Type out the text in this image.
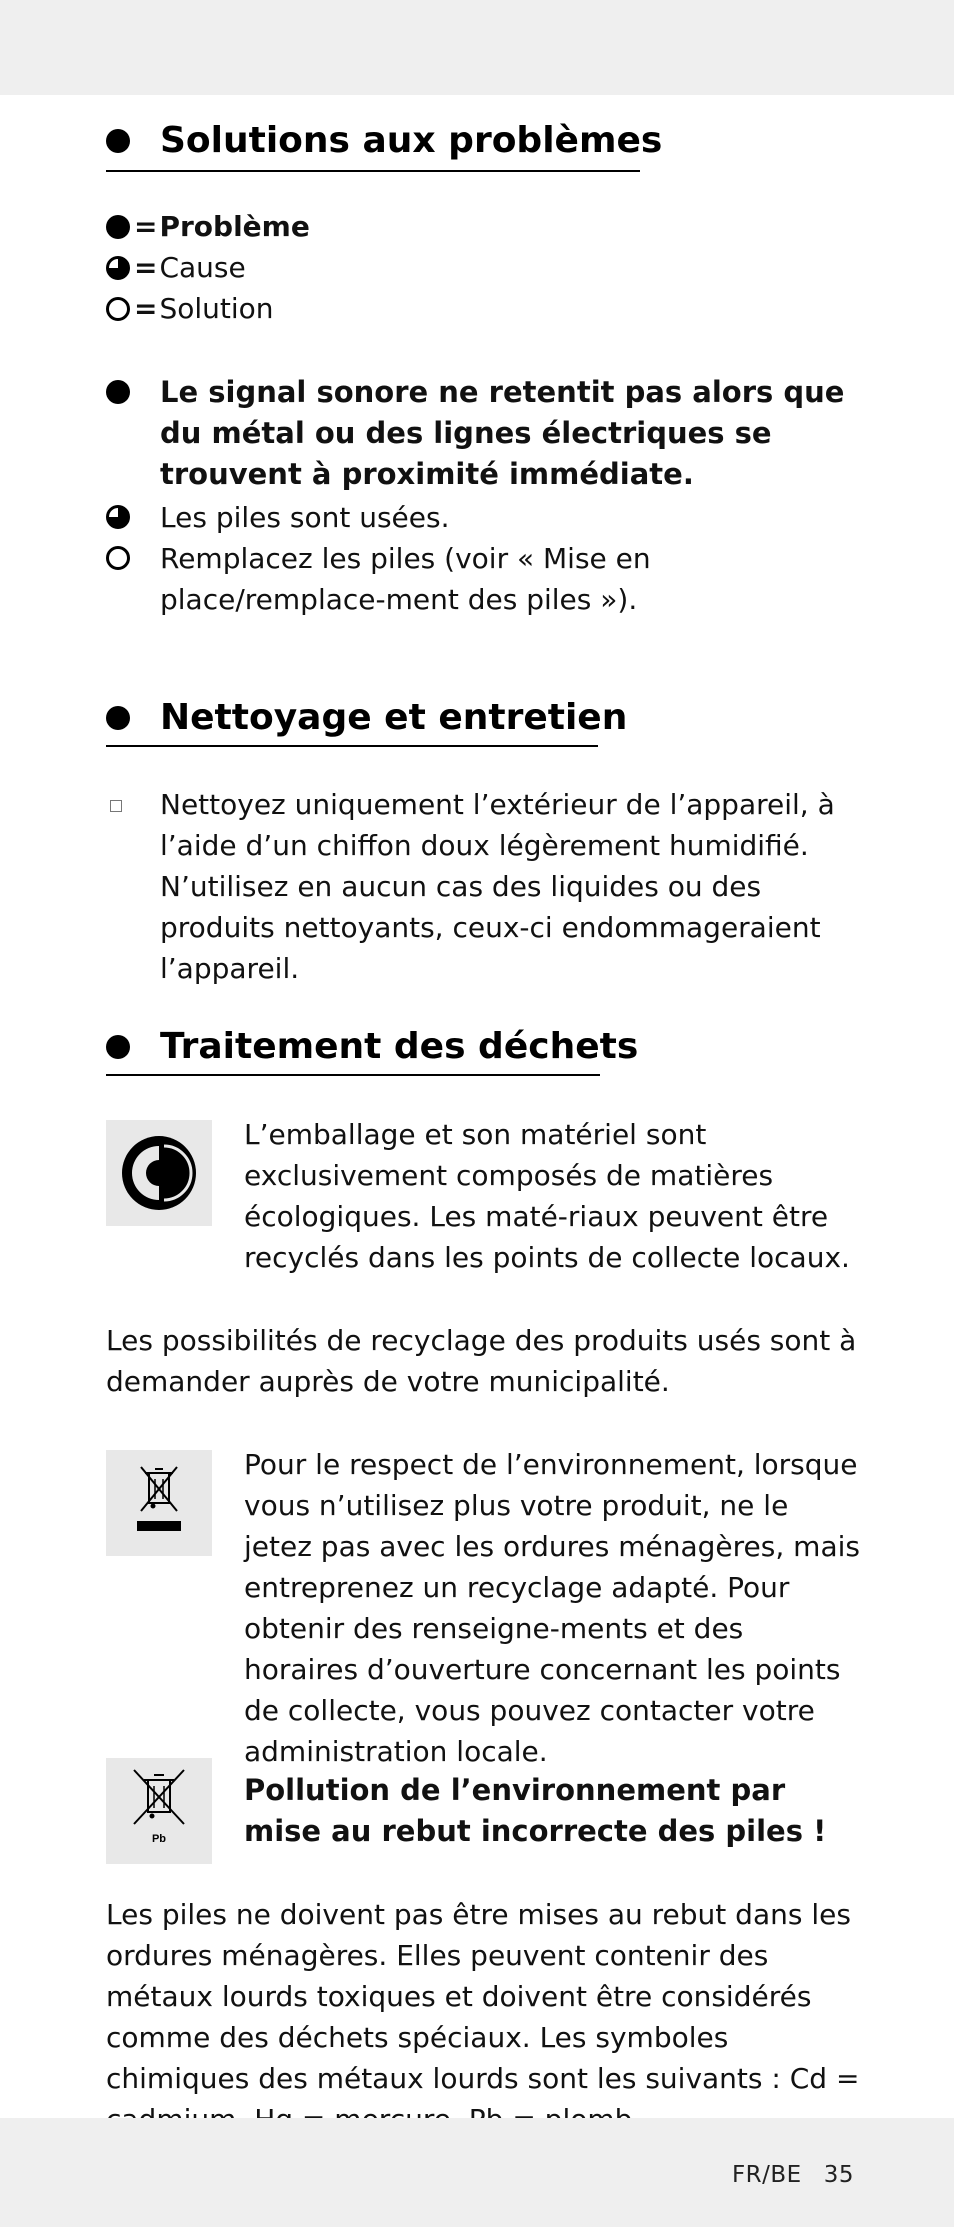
Solutions aux problèmes
= Problème
= Cause
= Solution
Le signal sonore ne retentit pas alors que du métal ou des lignes électriques se trouvent à proximité immédiate.
Les piles sont usées.
Remplacez les piles (voir « Mise en place/remplace-ment des piles »).
Nettoyage et entretien
Nettoyez uniquement l’extérieur de l’appareil, à l’aide d’un chiffon doux légèrement humidifié. N’utilisez en aucun cas des liquides ou des produits nettoyants, ceux-ci endommageraient l’appareil.
Traitement des déchets
L’emballage et son matériel sont exclusivement composés de matières écologiques. Les maté-riaux peuvent être recyclés dans les points de collecte locaux.
Les possibilités de recyclage des produits usés sont à demander auprès de votre municipalité.
Pour le respect de l’environnement, lorsque vous n’utilisez plus votre produit, ne le jetez pas avec les ordures ménagères, mais entreprenez un recyclage adapté. Pour obtenir des renseigne-ments et des horaires d’ouverture concernant les points de collecte, vous pouvez contacter votre administration locale.
Pb
Pollution de l’environnement par mise au rebut incorrecte des piles !
Les piles ne doivent pas être mises au rebut dans les ordures ménagères. Elles peuvent contenir des métaux lourds toxiques et doivent être considérés comme des déchets spéciaux. Les symboles chimiques des métaux lourds sont les suivants : Cd =
FR/BE 35
